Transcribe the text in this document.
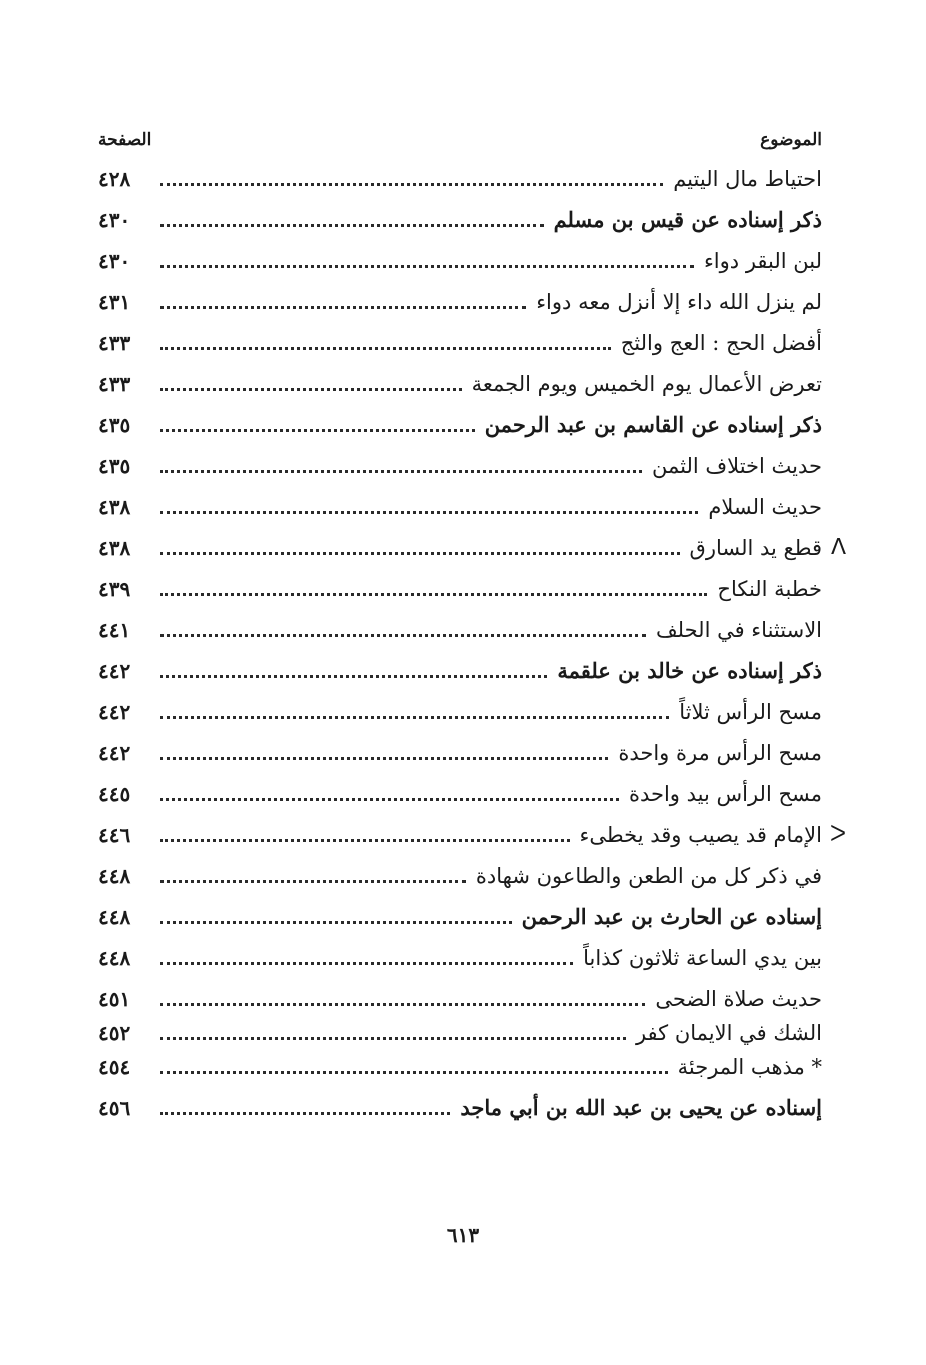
الموضوع
الصفحة
احتياط مال اليتيم
٤٢٨
ذكر إسناده عن قيس بن مسلم
٤٣٠
لبن البقر دواء
٤٣٠
لم ينزل الله داء إلا أنزل معه دواء
٤٣١
أفضل الحج : العج والثج
٤٣٣
تعرض الأعمال يوم الخميس ويوم الجمعة
٤٣٣
ذكر إسناده عن القاسم بن عبد الرحمن
٤٣٥
حديث اختلاف الثمن
٤٣٥
حديث السلام
٤٣٨
ᐱ
قطع يد السارق
٤٣٨
خطبة النكاح
٤٣٩
الاستثناء في الحلف
٤٤١
ذكر إسناده عن خالد بن علقمة
٤٤٢
مسح الرأس ثلاثاً
٤٤٢
مسح الرأس مرة واحدة
٤٤٢
مسح الرأس بيد واحدة
٤٤٥
ᐳ
الإمام قد يصيب وقد يخطىء
٤٤٦
في ذكر كل من الطعن والطاعون شهادة
٤٤٨
إسناده عن الحارث بن عبد الرحمن
٤٤٨
بين يدي الساعة ثلاثون كذاباً
٤٤٨
حديث صلاة الضحى
٤٥١
الشك في الايمان كفر
٤٥٢
* مذهب المرجئة
٤٥٤
إسناده عن يحيى بن عبد الله بن أبي ماجد
٤٥٦
٦١٣
